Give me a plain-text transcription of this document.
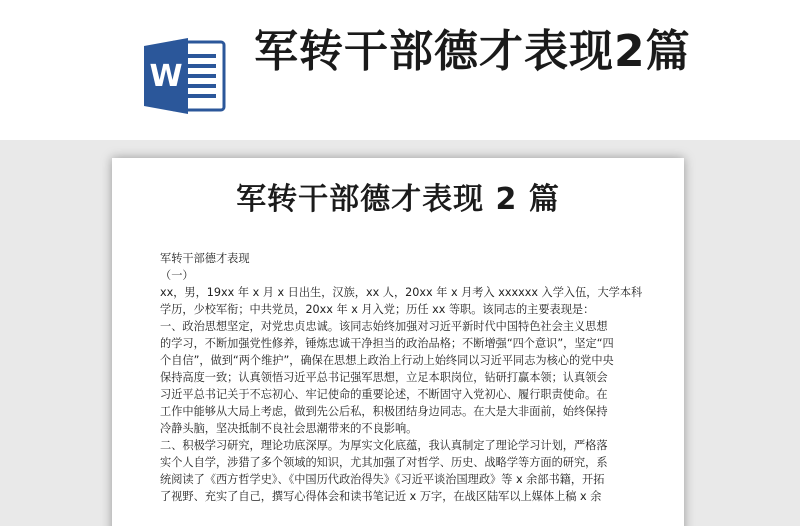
W 军转干部德才表现2篇
军转干部德才表现 2 篇
军转干部德才表现
（一）
xx，男，19xx 年 x 月 x 日出生，汉族，xx 人，20xx 年 x 月考入 xxxxxx 入学入伍，大学本科
学历，少校军衔；中共党员，20xx 年 x 月入党；历任 xx 等职。该同志的主要表现是：
一、政治思想坚定，对党忠贞忠诚。该同志始终加强对习近平新时代中国特色社会主义思想
的学习，不断加强党性修养，锤炼忠诚干净担当的政治品格；不断增强“四个意识”，坚定“四
个自信”，做到“两个维护”，确保在思想上政治上行动上始终同以习近平同志为核心的党中央
保持高度一致；认真领悟习近平总书记强军思想，立足本职岗位，钻研打赢本领；认真领会
习近平总书记关于不忘初心、牢记使命的重要论述，不断固守入党初心、履行职责使命。在
工作中能够从大局上考虑，做到先公后私，积极团结身边同志。在大是大非面前，始终保持
冷静头脑，坚决抵制不良社会思潮带来的不良影响。
二、积极学习研究，理论功底深厚。为厚实文化底蕴，我认真制定了理论学习计划，严格落
实个人自学，涉猎了多个领域的知识，尤其加强了对哲学、历史、战略学等方面的研究，系
统阅读了《西方哲学史》、《中国历代政治得失》《习近平谈治国理政》等 x 余部书籍，开拓
了视野、充实了自己，撰写心得体会和读书笔记近 x 万字，在战区陆军以上媒体上稿 x 余
